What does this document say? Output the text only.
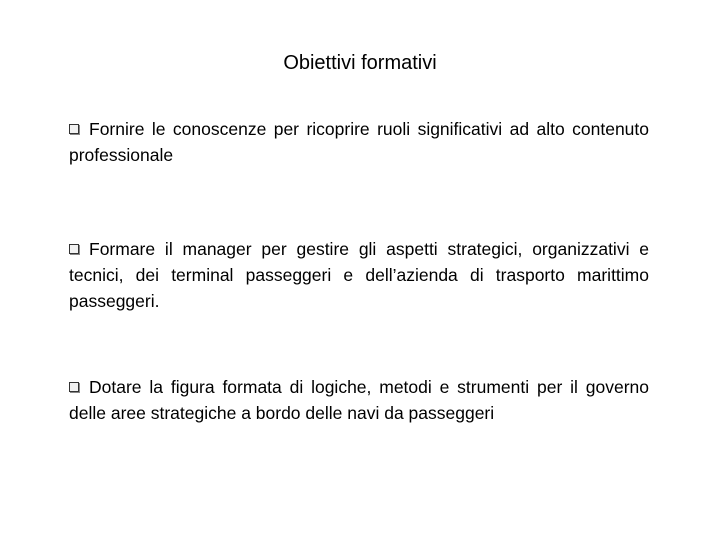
Obiettivi formativi
Fornire le conoscenze per ricoprire ruoli significativi ad alto contenuto professionale
Formare il manager per gestire gli aspetti strategici, organizzativi e tecnici, dei terminal passeggeri e dell’azienda di trasporto marittimo passeggeri.
Dotare la figura formata di logiche, metodi e strumenti per il governo delle aree strategiche a bordo delle navi da passeggeri
